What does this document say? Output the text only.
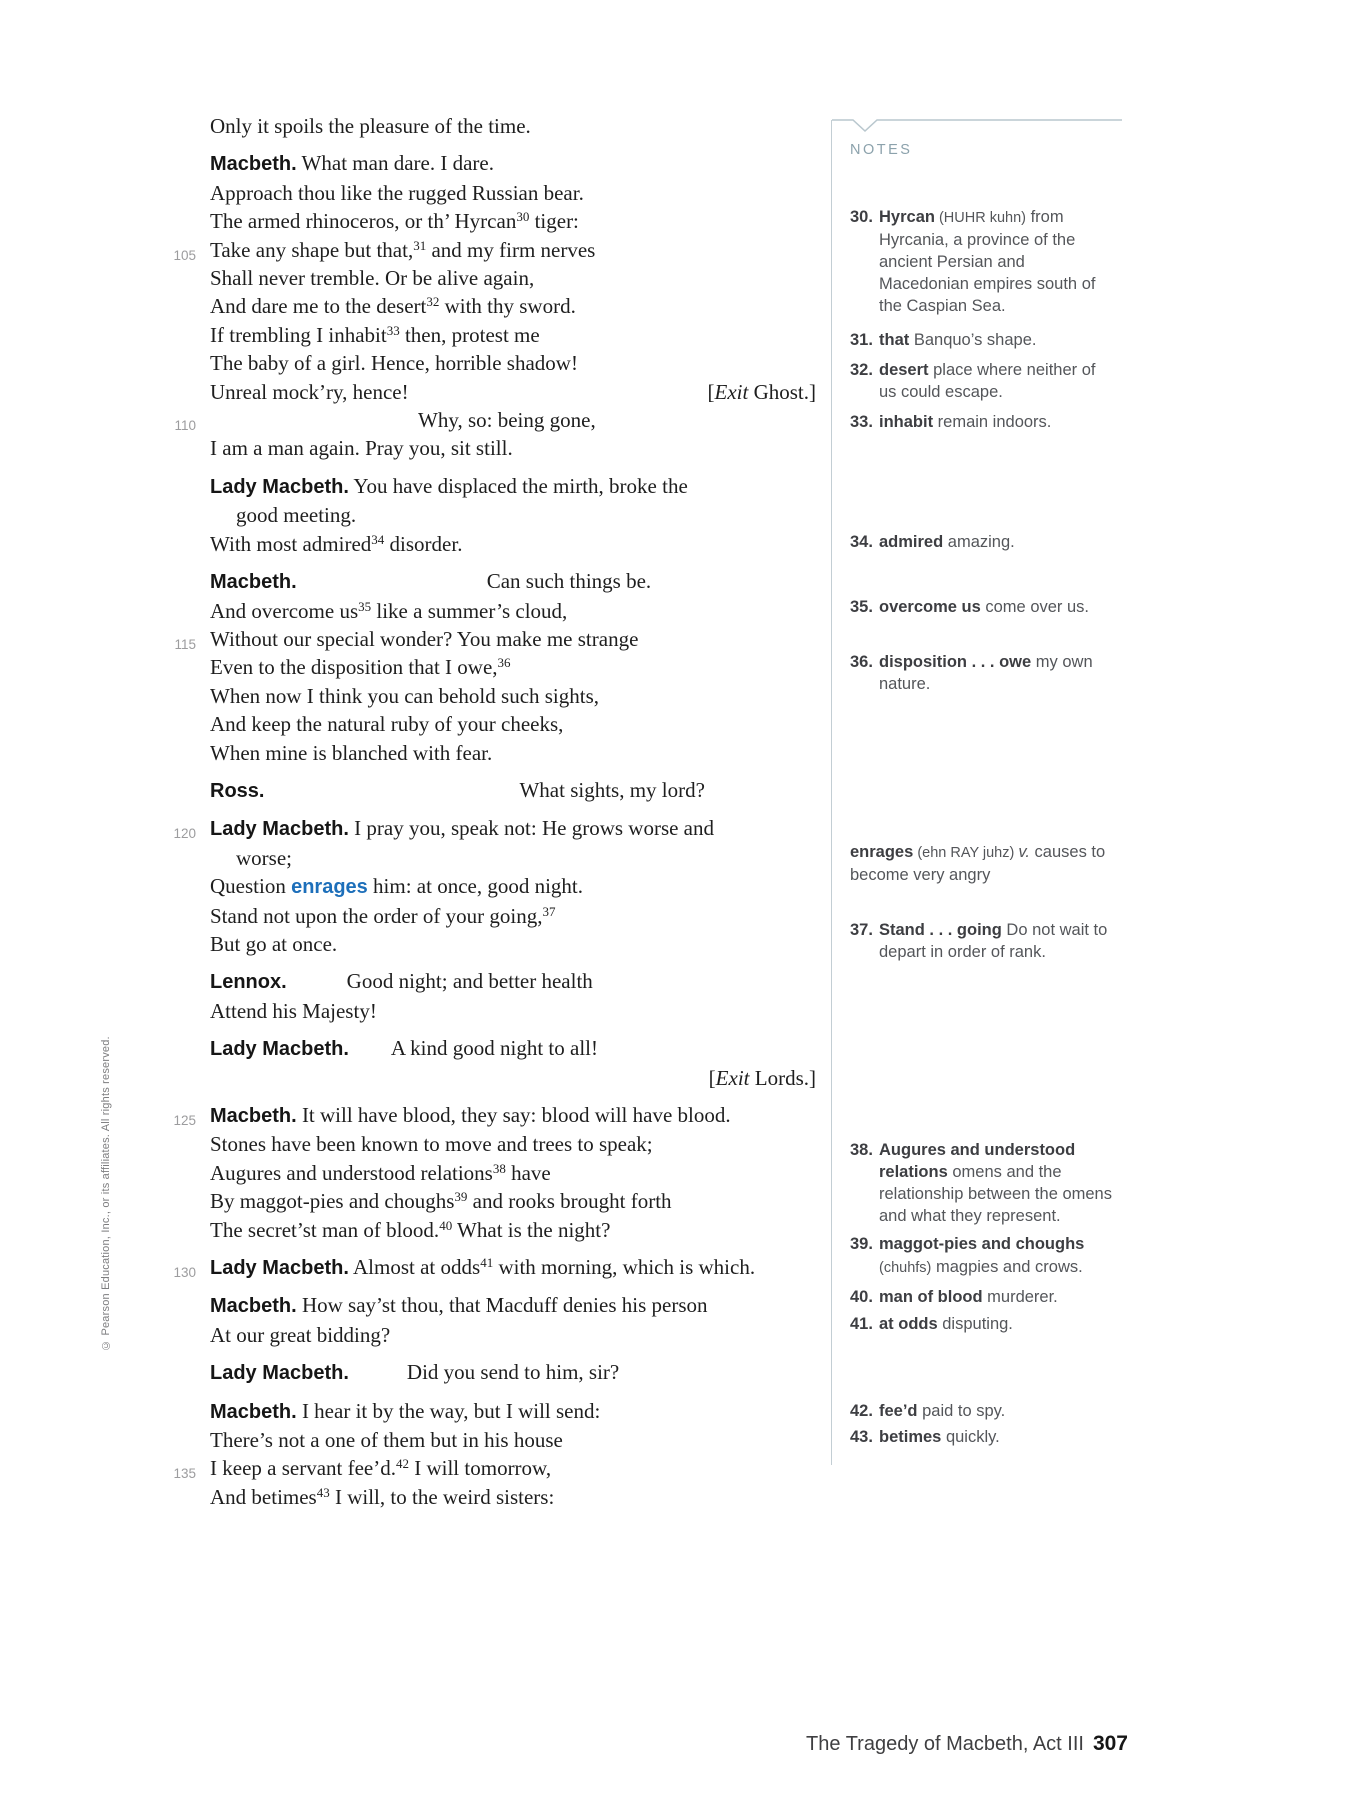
© Pearson Education, Inc., or its affiliates. All rights reserved.
Only it spoils the pleasure of the time.
Macbeth. What man dare. I dare.
Approach thou like the rugged Russian bear.
The armed rhinoceros, or th’ Hyrcan$^{30}$ tiger:
105 Take any shape but that,$^{31}$ and my firm nerves
Shall never tremble. Or be alive again,
And dare me to the desert$^{32}$ with thy sword.
If trembling I inhabit$^{33}$ then, protest me
The baby of a girl. Hence, horrible shadow!
Unreal mock’ry, hence!	[Exit Ghost.]
110	Why, so: being gone,
I am a man again. Pray you, sit still.
Lady Macbeth. You have displaced the mirth, broke the
good meeting.
With most admired$^{34}$ disorder.
Macbeth.	Can such things be.
And overcome $us^{35}$ like a summer’s cloud,
115 Without our special wonder? You make me strange
Even to the disposition that I owe,$^{36}$
When now I think you can behold such sights,
And keep the natural ruby of your cheeks,
When mine is blanched with fear.
Ross.	What sights, my lord?
120 Lady Macbeth. I pray you, speak not: He grows worse and
worse;
Question enrages him: at once, good night.
Stand not upon the order of your going,$^{37}$
But go at once.
Lennox.	Good night; and better health
Attend his Majesty!
Lady Macbeth. A kind good night to all!
[Exit Lords.]
125 Macbeth. It will have blood, they say: blood will have blood.
Stones have been known to move and trees to speak;
Augures and understood relations$^{38}$ have
By maggot-pies and choughs$^{39}$ and rooks brought forth
The secret’st man of blood.$^{40}$ What is the night?
130 Lady Macbeth. Almost at odds$^{41}$ with morning, which is which.
Macbeth. How say’st thou, that Macduff denies his person
At our great bidding?
Lady Macbeth.	Did you send to him, sir?
Macbeth. I hear it by the way, but I will send:
There’s not a one of them but in his house
135 I keep a servant fee’d.$^{42}$ I will tomorrow,
And betimes$^{43}$ I will, to the weird sisters:
NOTES
30. Hyrcan (HUHR kuhn) from Hyrcania, a province of the ancient Persian and Macedonian empires south of the Caspian Sea.
31. that Banquo’s shape.
32. desert place where neither of us could escape.
33. inhabit remain indoors.
34. admired amazing.
35. overcome us come over us.
36. disposition . . . owe my own nature.
enrages (ehn RAY juhz) v. causes to become very angry
37. Stand . . . going Do not wait to depart in order of rank.
38. Augures and understood relations omens and the relationship between the omens and what they represent.
39. maggot-pies and choughs (chuhfs) magpies and crows.
40. man of blood murderer.
41. at odds disputing.
42. fee’d paid to spy.
43. betimes quickly.
The Tragedy of Macbeth, Act III 307
